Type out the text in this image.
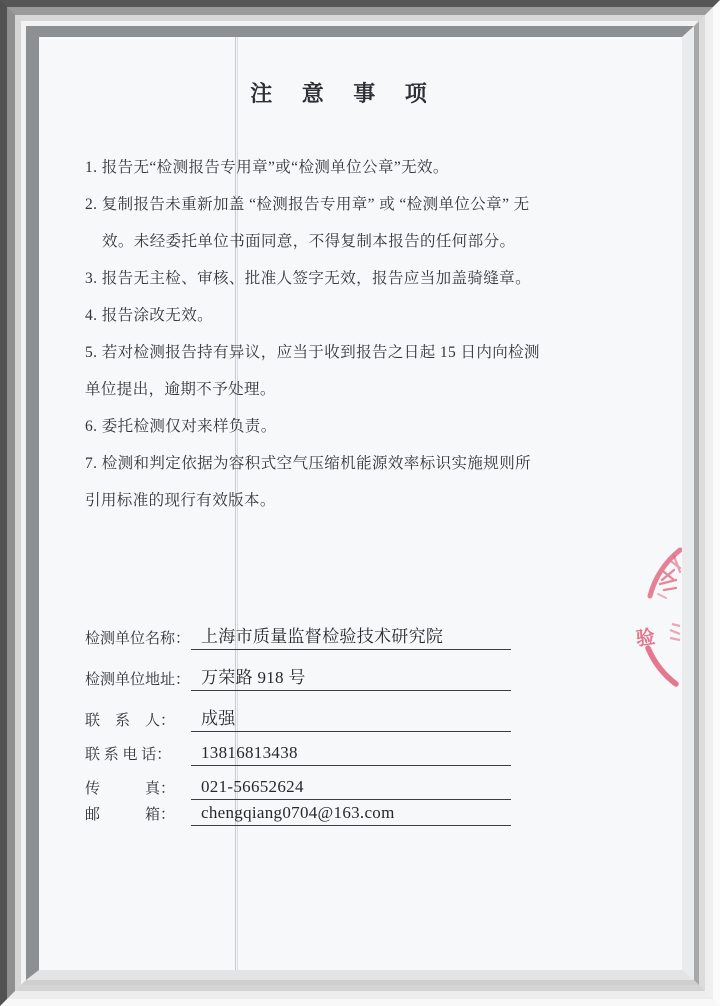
注 意 事 项
1. 报告无“检测报告专用章”或“检测单位公章”无效。
2. 复制报告未重新加盖 “检测报告专用章” 或 “检测单位公章” 无
效。未经委托单位书面同意，不得复制本报告的任何部分。
3. 报告无主检、审核、批准人签字无效，报告应当加盖骑缝章。
4. 报告涂改无效。
5. 若对检测报告持有异议，应当于收到报告之日起 15 日内向检测
单位提出，逾期不予处理。
6. 委托检测仅对来样负责。
7. 检测和判定依据为容积式空气压缩机能源效率标识实施规则所
引用标准的现行有效版本。
检测单位名称： 上海市质量监督检验技术研究院
检测单位地址： 万荣路 918 号
联　系　人：	成强
联 系 电 话：	13816813438
传　　　真：	021-56652624
邮　　　箱：	chengqiang0704@163.com
验
